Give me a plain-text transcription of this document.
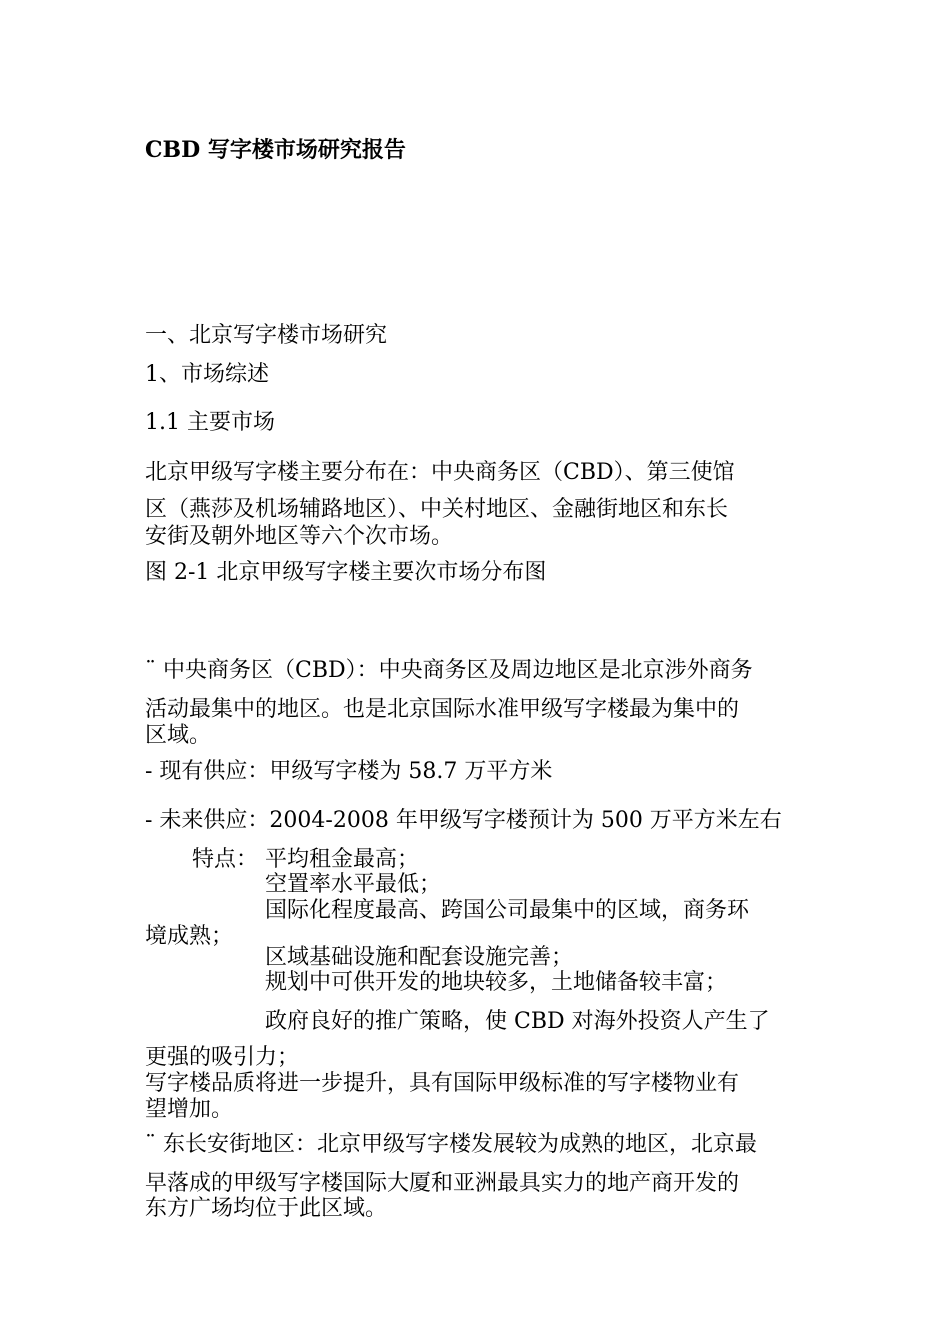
CBD 写字楼市场研究报告

一、北京写字楼市场研究

1、市场综述

1.1 主要市场

北京甲级写字楼主要分布在：中央商务区（CBD）、第三使馆

区（燕莎及机场辅路地区）、中关村地区、金融街地区和东长

安街及朝外地区等六个次市场。

图 2-1 北京甲级写字楼主要次市场分布图

¨ 中央商务区（CBD）：中央商务区及周边地区是北京涉外商务

活动最集中的地区。也是北京国际水准甲级写字楼最为集中的

区域。

- 现有供应：甲级写字楼为 58.7 万平方米

- 未来供应：2004-2008 年甲级写字楼预计为 500 万平方米左右

特点： 平均租金最高；

空置率水平最低；

国际化程度最高、跨国公司最集中的区域，商务环

境成熟；

区域基础设施和配套设施完善；

规划中可供开发的地块较多，土地储备较丰富；

政府良好的推广策略，使 CBD 对海外投资人产生了

更强的吸引力；

写字楼品质将进一步提升，具有国际甲级标准的写字楼物业有

望增加。

¨ 东长安街地区：北京甲级写字楼发展较为成熟的地区，北京最

早落成的甲级写字楼国际大厦和亚洲最具实力的地产商开发的

东方广场均位于此区域。
